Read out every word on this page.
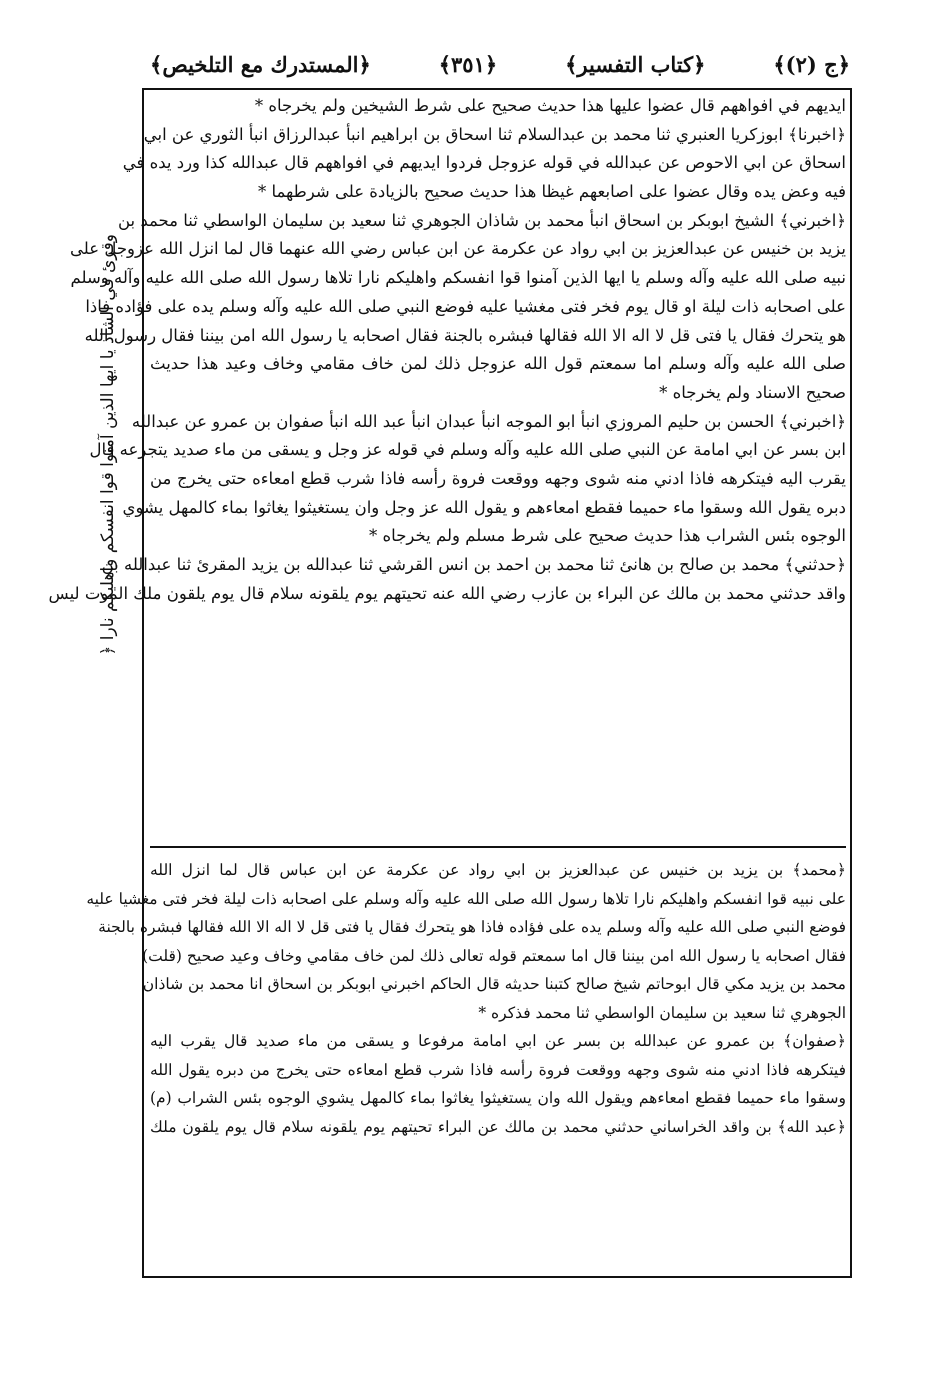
﴿المستدرك مع التلخيص﴾	﴿٣٥١﴾	﴿كتاب التفسير﴾	﴿ج (٢)﴾
ايديهم في افواههم قال عضوا عليها هذا حديث صحيح على شرط الشيخين ولم يخرجاه *
﴿اخبرنا﴾ ابوزكريا العنبري ثنا محمد بن عبدالسلام ثنا اسحاق بن ابراهيم انبأ عبدالرزاق انبأ الثوري عن ابي
اسحاق عن ابي الاحوص عن عبدالله في قوله عزوجل فردوا ايديهم في افواههم قال عبدالله كذا ورد يده في
فيه وعض يده وقال عضوا على اصابعهم غيظا هذا حديث صحيح بالزيادة على شرطهما *
﴿اخبرني﴾ الشيخ ابوبكر بن اسحاق انبأ محمد بن شاذان الجوهري ثنا سعيد بن سليمان الواسطي ثنا محمد بن
يزيد بن خنيس عن عبدالعزيز بن ابي رواد عن عكرمة عن ابن عباس رضي الله عنهما قال لما انزل الله عزوجل على
نبيه صلى الله عليه وآله وسلم يا ايها الذين آمنوا قوا انفسكم واهليكم نارا تلاها رسول الله صلى الله عليه وآله وسلم
على اصحابه ذات ليلة او قال يوم فخر فتى مغشيا عليه فوضع النبي صلى الله عليه وآله وسلم يده على فؤاده فاذا
هو يتحرك فقال يا فتى قل لا اله الا الله فقالها فبشره بالجنة فقال اصحابه يا رسول الله امن بيننا فقال رسول الله
صلى الله عليه وآله وسلم اما سمعتم قول الله عزوجل ذلك لمن خاف مقامي وخاف وعيد هذا حديث
صحيح الاسناد ولم يخرجاه *
﴿اخبرني﴾ الحسن بن حليم المروزي انبأ ابو الموجه انبأ عبدان انبأ عبد الله انبأ صفوان بن عمرو عن عبدالله
ابن بسر عن ابي امامة عن النبي صلى الله عليه وآله وسلم في قوله عز وجل و يسقى من ماء صديد يتجرعه قال
يقرب اليه فيتكرهه فاذا ادني منه شوى وجهه ووقعت فروة رأسه فاذا شرب قطع امعاءه حتى يخرج من
دبره يقول الله وسقوا ماء حميما فقطع امعاءهم و يقول الله عز وجل وان يستغيثوا يغاثوا بماء كالمهل يشوي
الوجوه بئس الشراب هذا حديث صحيح على شرط مسلم ولم يخرجاه *
﴿حدثني﴾ محمد بن صالح بن هانئ ثنا محمد بن احمد بن انس القرشي ثنا عبدالله بن يزيد المقرئ ثنا عبدالله بن
واقد حدثني محمد بن مالك عن البراء بن عازب رضي الله عنه تحيتهم يوم يلقونه سلام قال يوم يلقون ملك الموت ليس
﴿محمد﴾ بن يزيد بن خنيس عن عبدالعزيز بن ابي رواد عن عكرمة عن ابن عباس قال لما انزل الله
على نبيه قوا انفسكم واهليكم نارا تلاها رسول الله صلى الله عليه وآله وسلم على اصحابه ذات ليلة فخر فتى مغشيا عليه
فوضع النبي صلى الله عليه وآله وسلم يده على فؤاده فاذا هو يتحرك فقال يا فتى قل لا اله الا الله فقالها فبشره بالجنة
فقال اصحابه يا رسول الله امن بيننا قال اما سمعتم قوله تعالى ذلك لمن خاف مقامي وخاف وعيد صحيح (قلت)
محمد بن يزيد مكي قال ابوحاتم شيخ صالح كتبنا حديثه قال الحاكم اخبرني ابوبكر بن اسحاق انا محمد بن شاذان
الجوهري ثنا سعيد بن سليمان الواسطي ثنا محمد فذكره *
﴿صفوان﴾ بن عمرو عن عبدالله بن بسر عن ابي امامة مرفوعا و يسقى من ماء صديد قال يقرب اليه
فيتكرهه فاذا ادني منه شوى وجهه ووقعت فروة رأسه فاذا شرب قطع امعاءه حتى يخرج من دبره يقول الله
وسقوا ماء حميما فقطع امعاءهم ويقول الله وان يستغيثوا يغاثوا بماء كالمهل يشوي الوجوه بئس الشراب (م)
﴿عبد الله﴾ بن واقد الخراساني حدثني محمد بن مالك عن البراء تحيتهم يوم يلقونه سلام قال يوم يلقون ملك
وقرئ في الشاذ يا ايها الذين آمنوا قوا انفسكم واهليكم نارا ﴿
